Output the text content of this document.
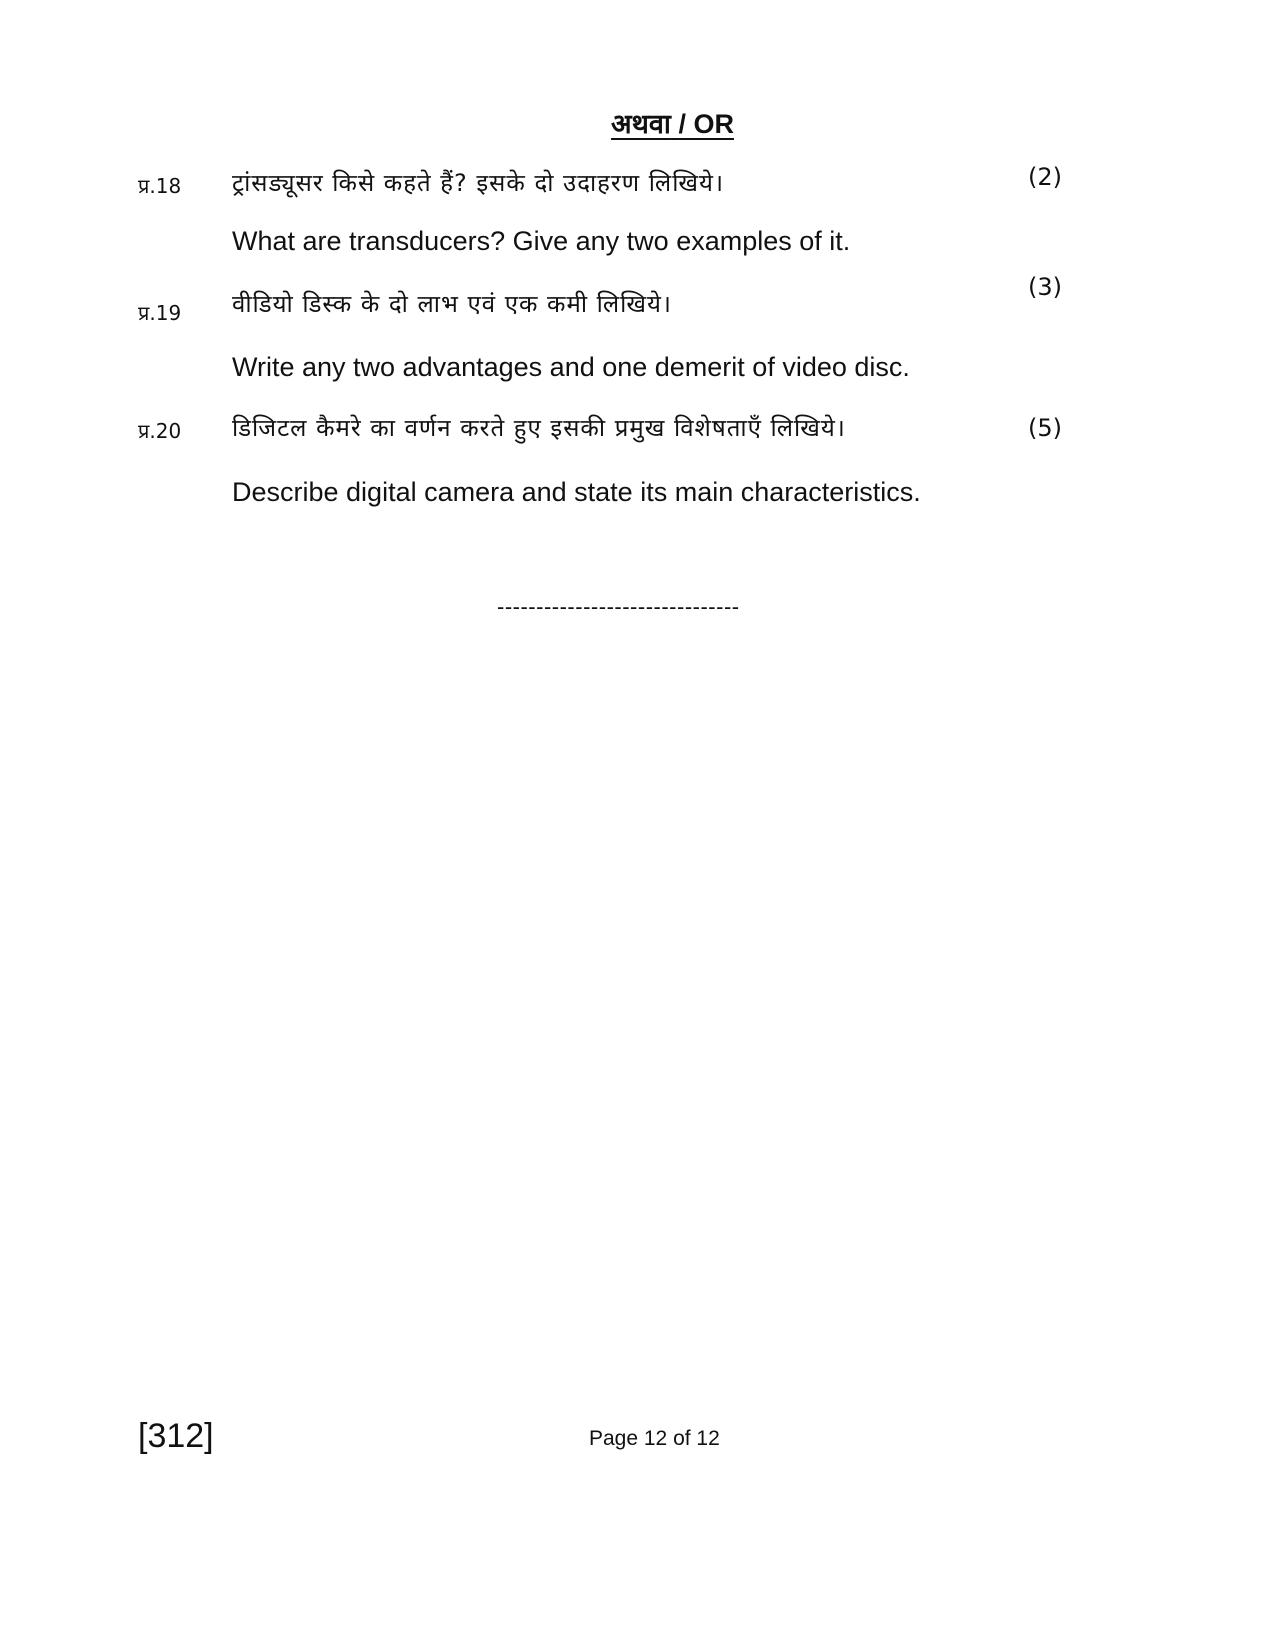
अथवा / OR
प्र.18 ट्रांसड्यूसर किसे कहते हैं? इसके दो उदाहरण लिखिये।	(2)
What are transducers? Give any two examples of it.
प्र.19 वीडियो डिस्क के दो लाभ एवं एक कमी लिखिये।
(3)
Write any two advantages and one demerit of video disc.
प्र.20 डिजिटल कैमरे का वर्णन करते हुए इसकी प्रमुख विशेषताएँ लिखिये।	(5)
Describe digital camera and state its main characteristics.
-------------------------------
[312]	Page 12 of 12
